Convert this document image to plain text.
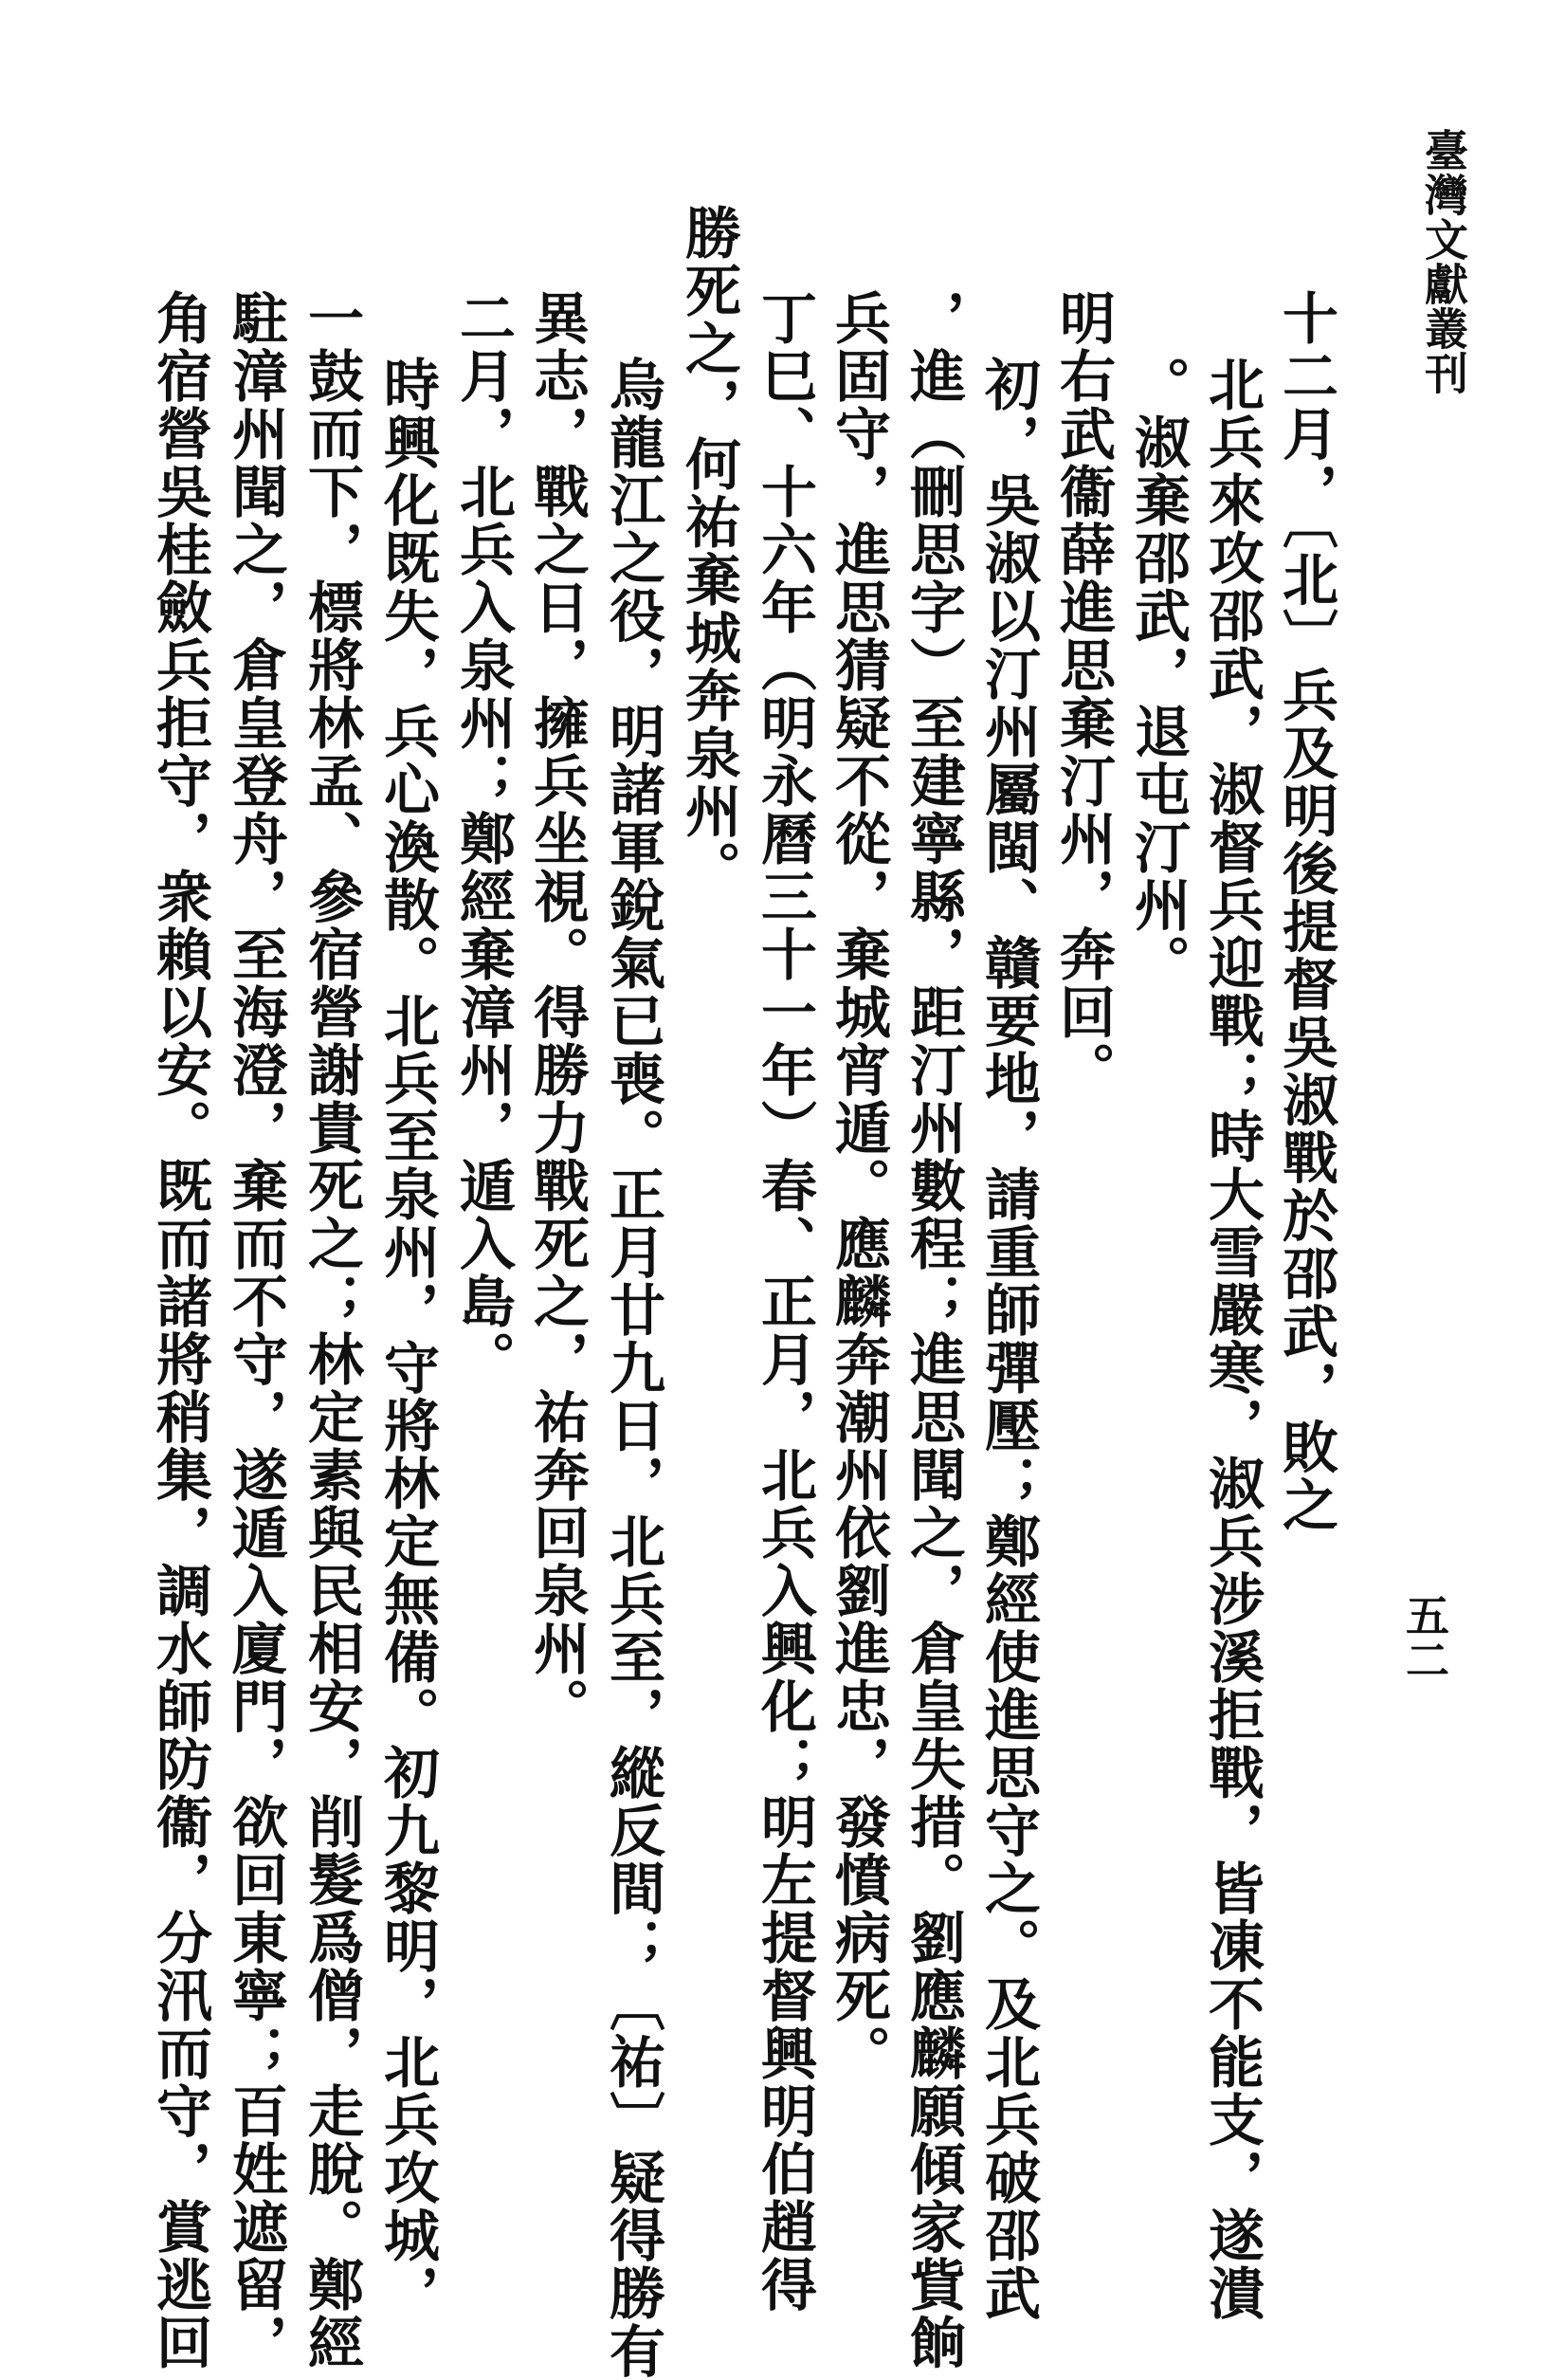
臺灣文獻叢刊
五二
十二月，〔北〕兵及明後提督吳淑戰於邵武，敗之
北兵來攻邵武，淑督兵迎戰；時大雪嚴寒，淑兵涉溪拒戰，皆凍不能支，遂潰
。淑棄邵武，退屯汀州。
明右武衞薛進思棄汀州，奔回。
初，吳淑以汀州屬閩、贛要地，請重師彈壓；鄭經使進思守之。及北兵破邵武
，進（刪思字）至建寧縣，距汀州數程；進思聞之，倉皇失措。劉應麟願傾家貲餉
兵固守，進思猜疑不從，棄城宵遁。應麟奔潮州依劉進忠，發憤病死。
丁巳、十六年（明永曆三十一年）春、正月，北兵入興化；明左提督興明伯趙得
勝死之，何祐棄城奔泉州。
烏龍江之役，明諸軍銳氣已喪。正月廿九日，北兵至，縱反間；〔祐〕疑得勝有
異志，戰之日，擁兵坐視。得勝力戰死之，祐奔回泉州。
二月，北兵入泉州；鄭經棄漳州，遁入島。
時興化既失，兵心渙散。北兵至泉州，守將林定無備。初九黎明，北兵攻城，
一鼓而下，標將林孟、參宿營謝貴死之；林定素與民相安，削髮爲僧，走脫。鄭經
駐漳州聞之，倉皇登舟，至海澄，棄而不守，遂遁入廈門，欲回東寧；百姓遮留，
角宿營吳桂斂兵拒守，衆賴以安。既而諸將稍集，調水師防衞，分汛而守，賞逃回
